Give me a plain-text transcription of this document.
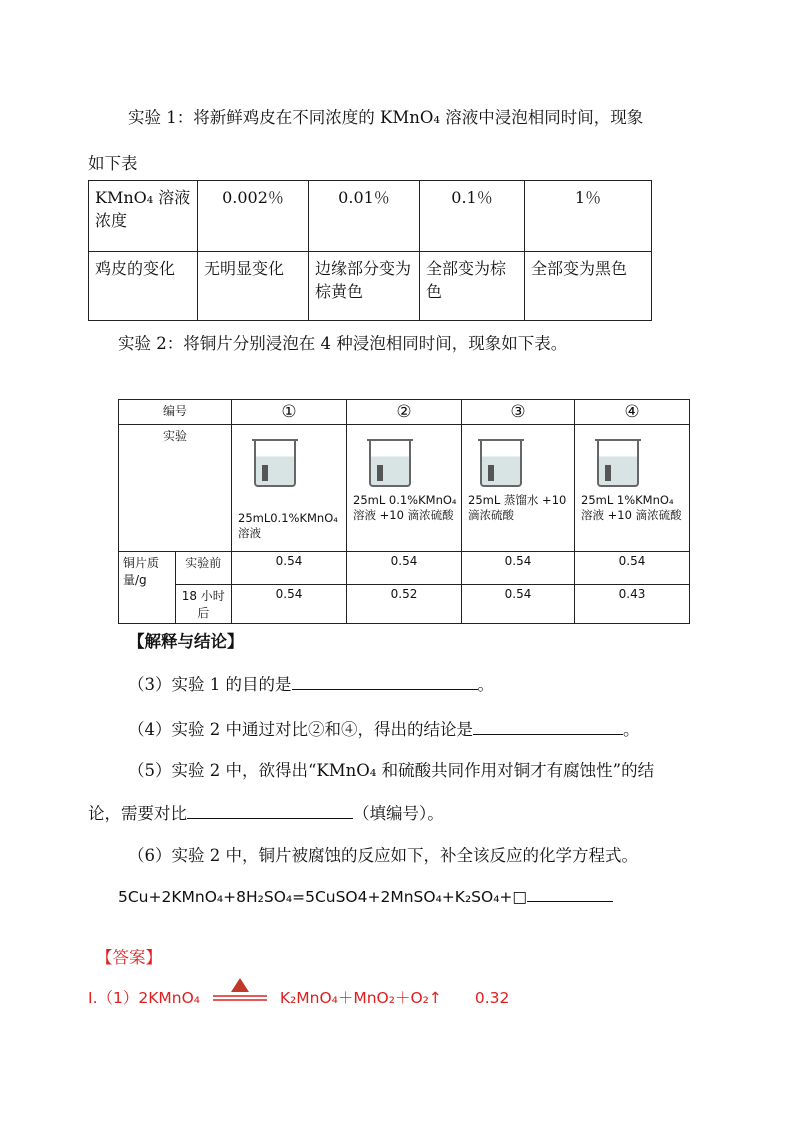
实验 1：将新鲜鸡皮在不同浓度的 KMnO₄ 溶液中浸泡相同时间，现象
如下表
KMnO₄ 溶液浓度	0.002％	0.01％	0.1％	1％
鸡皮的变化	无明显变化	边缘部分变为棕黄色	全部变为棕色	全部变为黑色
实验 2：将铜片分别浸泡在 4 种浸泡相同时间，现象如下表。
编号		①	②	③	④
实验		25mL0.1%KMnO₄溶液	25mL 0.1%KMnO₄溶液 +10 滴浓硫酸	25mL 蒸馏水 +10 滴浓硫酸	25mL 1%KMnO₄ 溶液 +10 滴浓硫酸

铜片质量/g	实验前	0.54	0.54	0.54	0.54
	18 小时后	0.54	0.52	0.54	0.43
【解释与结论】
（3）实验 1 的目的是	。
（4）实验 2 中通过对比②和④，得出的结论是	。
（5）实验 2 中，欲得出“KMnO₄ 和硫酸共同作用对铜才有腐蚀性”的结
论，需要对比	（填编号）。
（6）实验 2 中，铜片被腐蚀的反应如下，补全该反应的化学方程式。
5Cu+2KMnO₄+8H₂SO₄=5CuSO4+2MnSO₄+K₂SO₄+□
【答案】
Ⅰ.（1）2KMnO₄	K₂MnO₄＋MnO₂＋O₂↑ 0.32
